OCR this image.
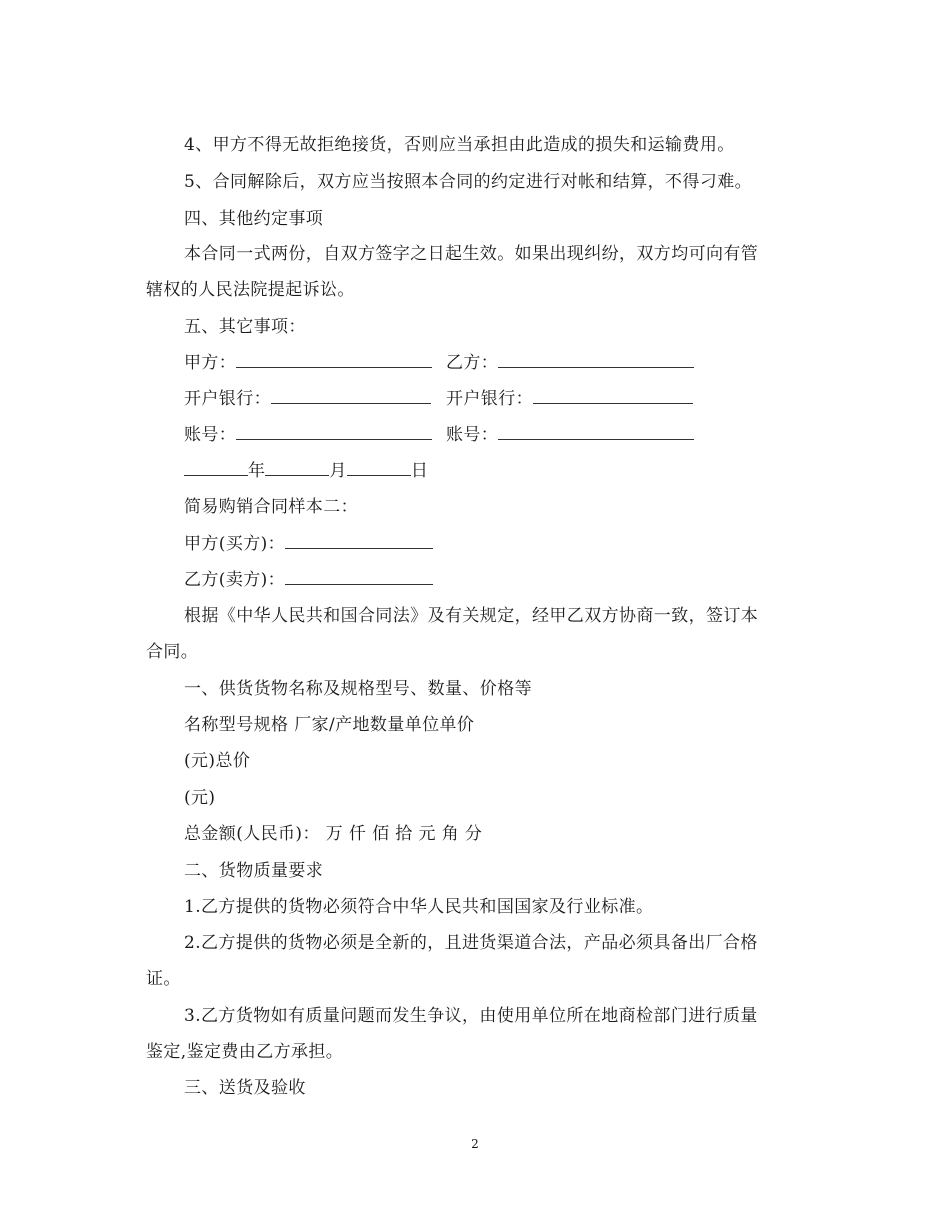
4、甲方不得无故拒绝接货，否则应当承担由此造成的损失和运输费用。
5、合同解除后，双方应当按照本合同的约定进行对帐和结算，不得刁难。
四、其他约定事项
本合同一式两份，自双方签字之日起生效。如果出现纠纷，双方均可向有管
辖权的人民法院提起诉讼。
五、其它事项：
甲方：	乙方：
开户银行：	开户银行：
账号：	账号：
年	月	日
简易购销合同样本二：
甲方(买方)：
乙方(卖方)：
根据《中华人民共和国合同法》及有关规定，经甲乙双方协商一致，签订本
合同。
一、供货货物名称及规格型号、数量、价格等
名称型号规格 厂家/产地数量单位单价
(元)总价
(元)
总金额(人民币)： 万 仟 佰 拾 元 角 分
二、货物质量要求
1.乙方提供的货物必须符合中华人民共和国国家及行业标准。
2.乙方提供的货物必须是全新的，且进货渠道合法，产品必须具备出厂合格
证。
3.乙方货物如有质量问题而发生争议，由使用单位所在地商检部门进行质量
鉴定,鉴定费由乙方承担。
三、送货及验收
2
